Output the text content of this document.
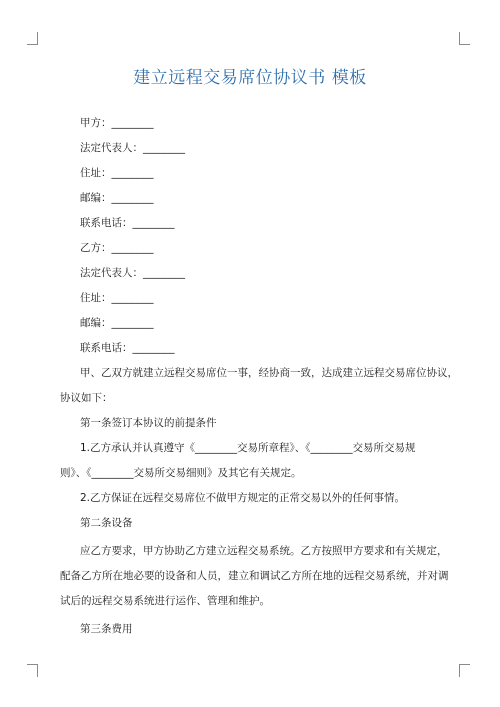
建立远程交易席位协议书 模板
甲方：________
法定代表人：________
住址：________
邮编：________
联系电话：________
乙方：________
法定代表人：________
住址：________
邮编：________
联系电话：________
甲、乙双方就建立远程交易席位一事，经协商一致，达成建立远程交易席位协议，
协议如下：
第一条签订本协议的前提条件
1.乙方承认并认真遵守《________交易所章程》、《________交易所交易规
则》、《________交易所交易细则》及其它有关规定。
2.乙方保证在远程交易席位不做甲方规定的正常交易以外的任何事情。
第二条设备
应乙方要求，甲方协助乙方建立远程交易系统。乙方按照甲方要求和有关规定，
配备乙方所在地必要的设备和人员，建立和调试乙方所在地的远程交易系统，并对调
试后的远程交易系统进行运作、管理和维护。
第三条费用
